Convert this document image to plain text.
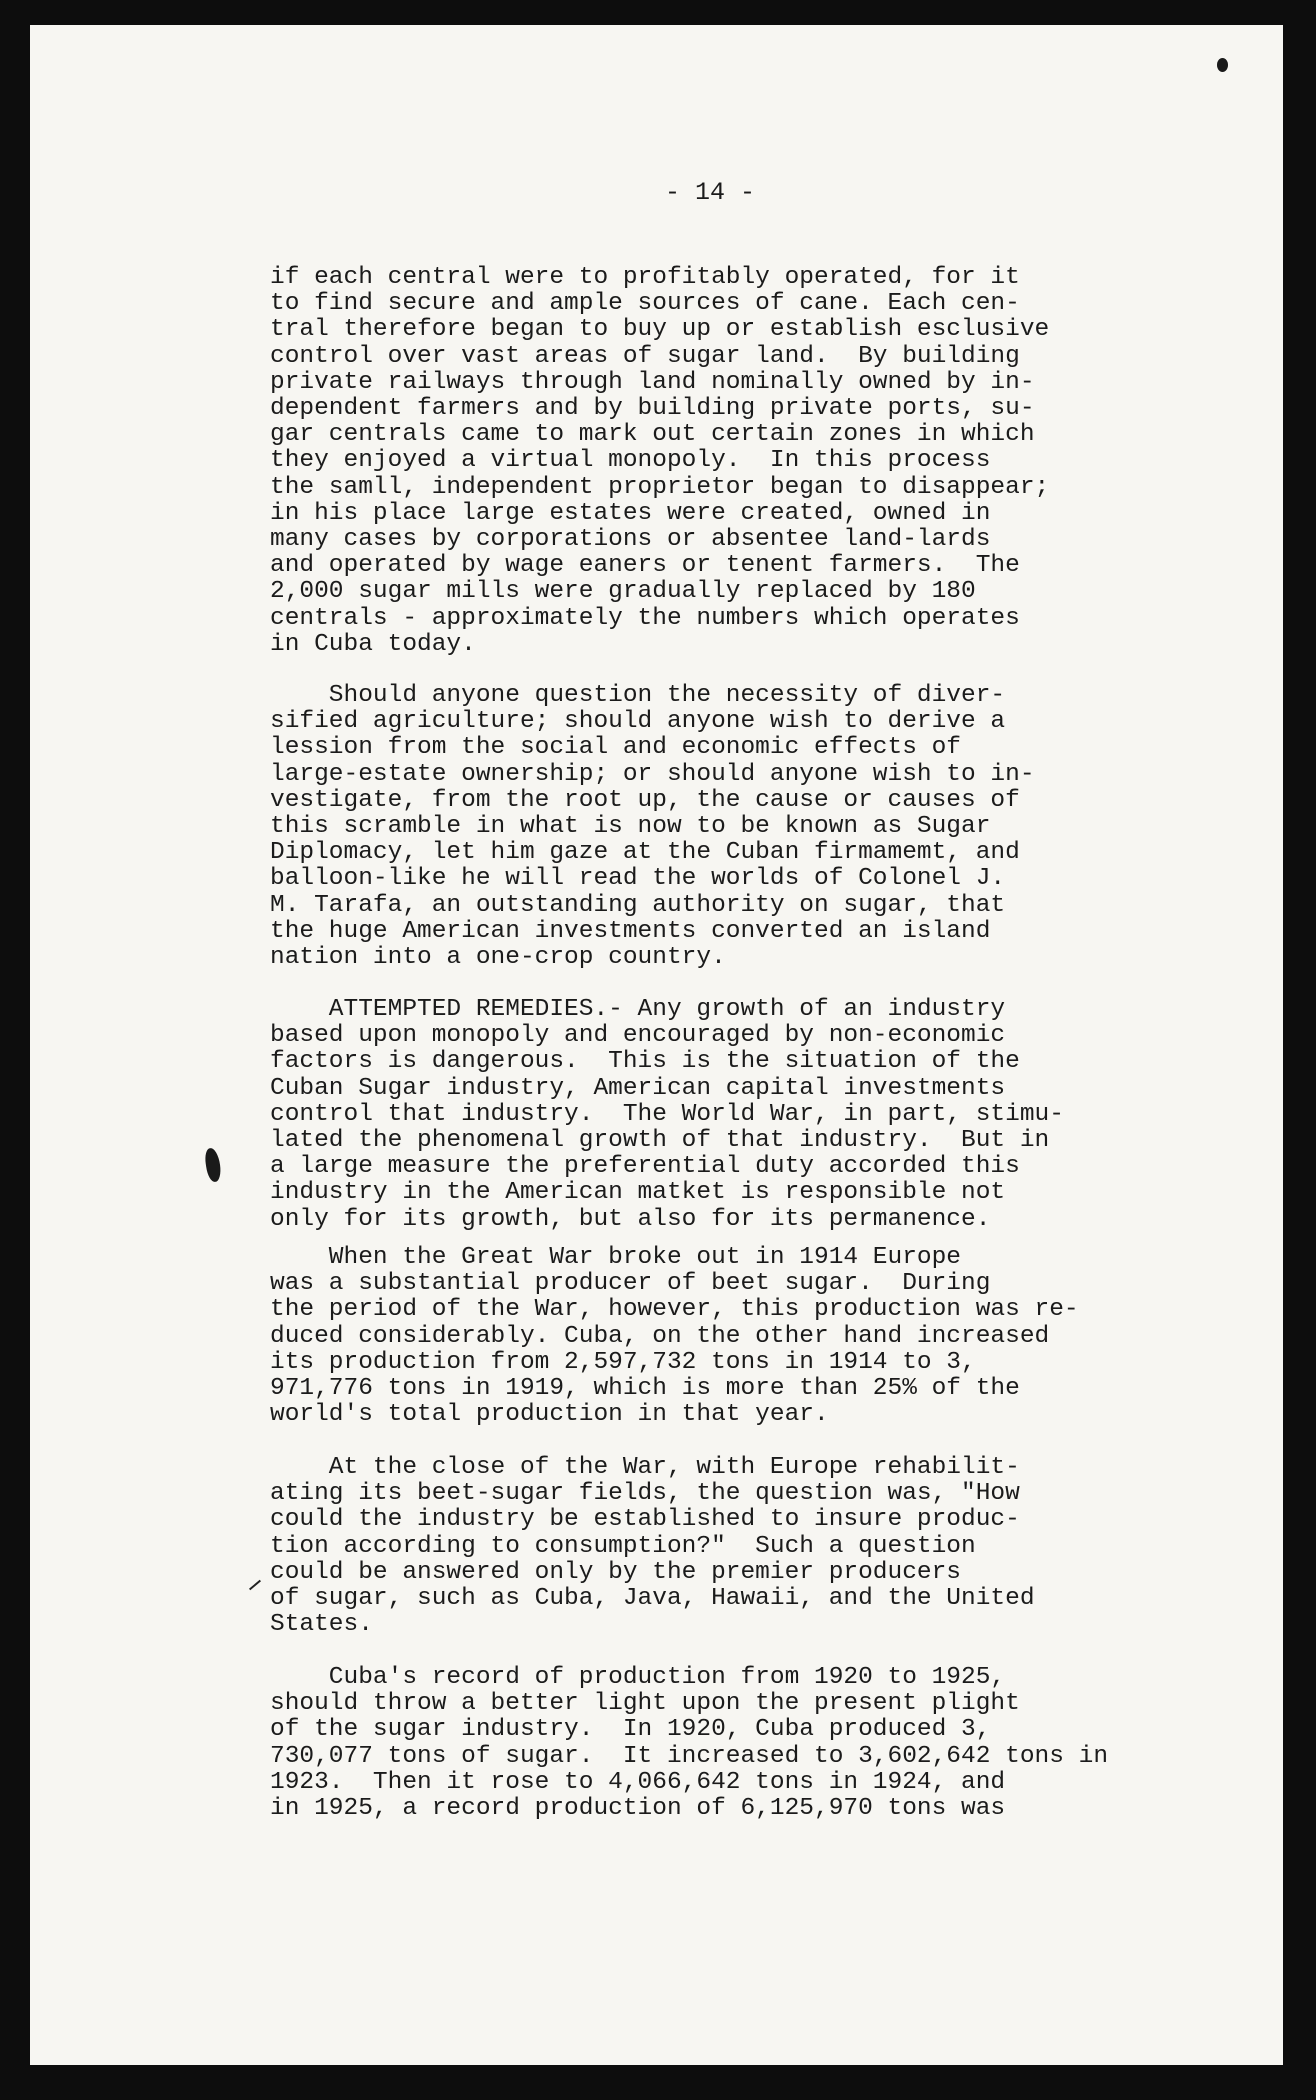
- 14 -

if each central were to profitably operated, for it
to find secure and ample sources of cane. Each cen-
tral therefore began to buy up or establish esclusive
control over vast areas of sugar land.  By building
private railways through land nominally owned by in-
dependent farmers and by building private ports, su-
gar centrals came to mark out certain zones in which
they enjoyed a virtual monopoly.  In this process
the samll, independent proprietor began to disappear;
in his place large estates were created, owned in
many cases by corporations or absentee land-lards
and operated by wage eaners or tenent farmers.  The
2,000 sugar mills were gradually replaced by 180
centrals - approximately the numbers which operates
in Cuba today.

Should anyone question the necessity of diver-
sified agriculture; should anyone wish to derive a
lession from the social and economic effects of
large-estate ownership; or should anyone wish to in-
vestigate, from the root up, the cause or causes of
this scramble in what is now to be known as Sugar
Diplomacy, let him gaze at the Cuban firmamemt, and
balloon-like he will read the worlds of Colonel J.
M. Tarafa, an outstanding authority on sugar, that
the huge American investments converted an island
nation into a one-crop country.

ATTEMPTED REMEDIES.- Any growth of an industry
based upon monopoly and encouraged by non-economic
factors is dangerous.  This is the situation of the
Cuban Sugar industry, American capital investments
control that industry.  The World War, in part, stimu-
lated the phenomenal growth of that industry.  But in
a large measure the preferential duty accorded this
industry in the American matket is responsible not
only for its growth, but also for its permanence.

When the Great War broke out in 1914 Europe
was a substantial producer of beet sugar.  During
the period of the War, however, this production was re-
duced considerably. Cuba, on the other hand increased
its production from 2,597,732 tons in 1914 to 3,
971,776 tons in 1919, which is more than 25% of the
world's total production in that year.

At the close of the War, with Europe rehabilit-
ating its beet-sugar fields, the question was, "How
could the industry be established to insure produc-
tion according to consumption?"  Such a question
could be answered only by the premier producers
of sugar, such as Cuba, Java, Hawaii, and the United
States.

Cuba's record of production from 1920 to 1925,
should throw a better light upon the present plight
of the sugar industry.  In 1920, Cuba produced 3,
730,077 tons of sugar.  It increased to 3,602,642 tons in
1923.  Then it rose to 4,066,642 tons in 1924, and
in 1925, a record production of 6,125,970 tons was
